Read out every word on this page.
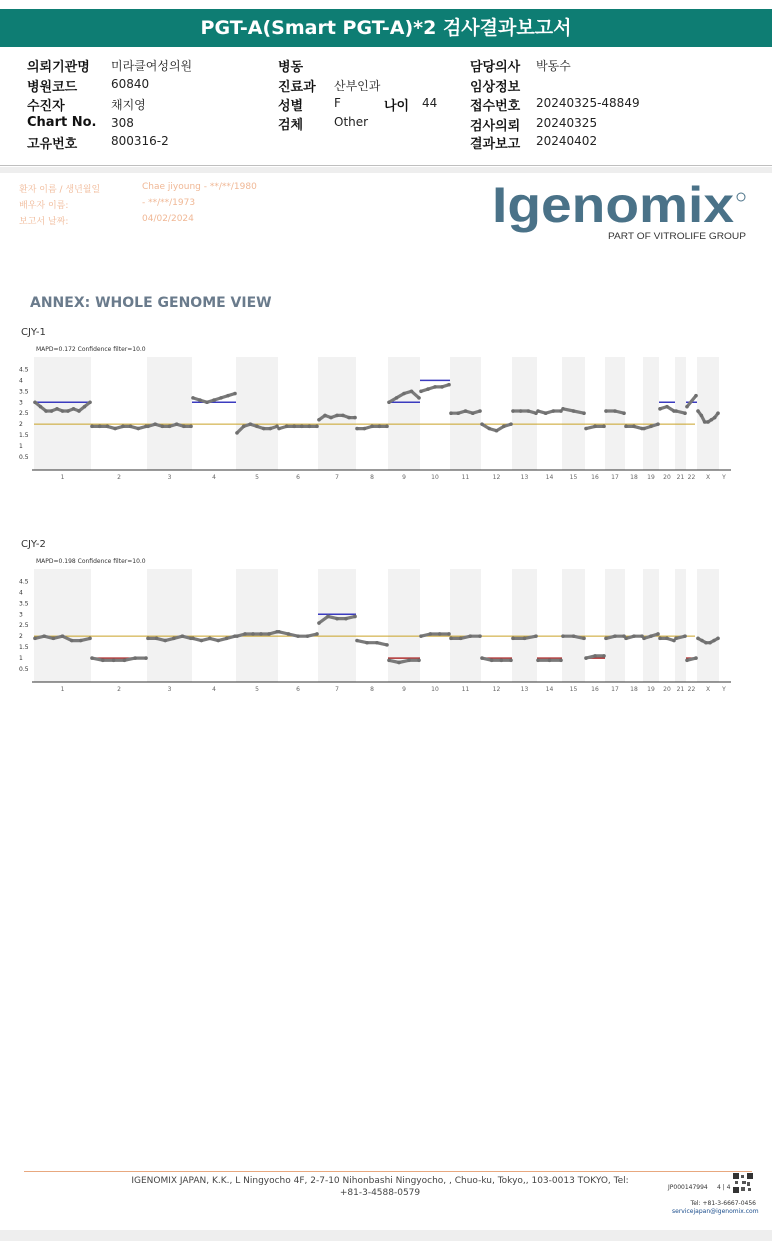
PGT-A(Smart PGT-A)*2 검사결과보고서
의뢰기관명 미라클여성의원
병원코드	60840
수진자	채지영
Chart No. 308
고유번호	800316-2
병동
진료과 산부인과
성별	F	나이 44
검체	Other
담당의사 박동수
임상정보
접수번호 20240325-48849
검사의뢰 20240325
결과보고 20240402
환자 이름 / 생년월일	Chae jiyoung - **/**/1980
배우자 이름:	- **/**/1973
보고서 날짜:	04/02/2024	Igenomix
PART OF VITROLIFE GROUP
ANNEX: WHOLE GENOME VIEW
CJY-1
MAPD=0.172 Confidence filter=10.0
4.5
4
3.5
3
2.5
2
1.5
1
0.5
1	2	3	4	5	6	7	8	9	10	11	12	13	14	15 16 17 18 19 20 21 22 X Y
CJY-2
MAPD=0.198 Confidence filter=10.0
4.5
4
3.5
3
2.5
2
1.5
1
0.5
1	2	3	4	5	6	7	8	9	10	11	12	13	14	15 16 17 18 19 20 21 22 X Y
IGENOMIX JAPAN, K.K., L Ningyocho 4F, 2-7-10 Nihonbashi Ningyocho, , Chuo-ku, Tokyo,, 103-0013 TOKYO, Tel: +81-3-4588-0579
JP000147994 4 | 4
Tel: +81-3-6667-0456
servicejapan@igenomix.com
